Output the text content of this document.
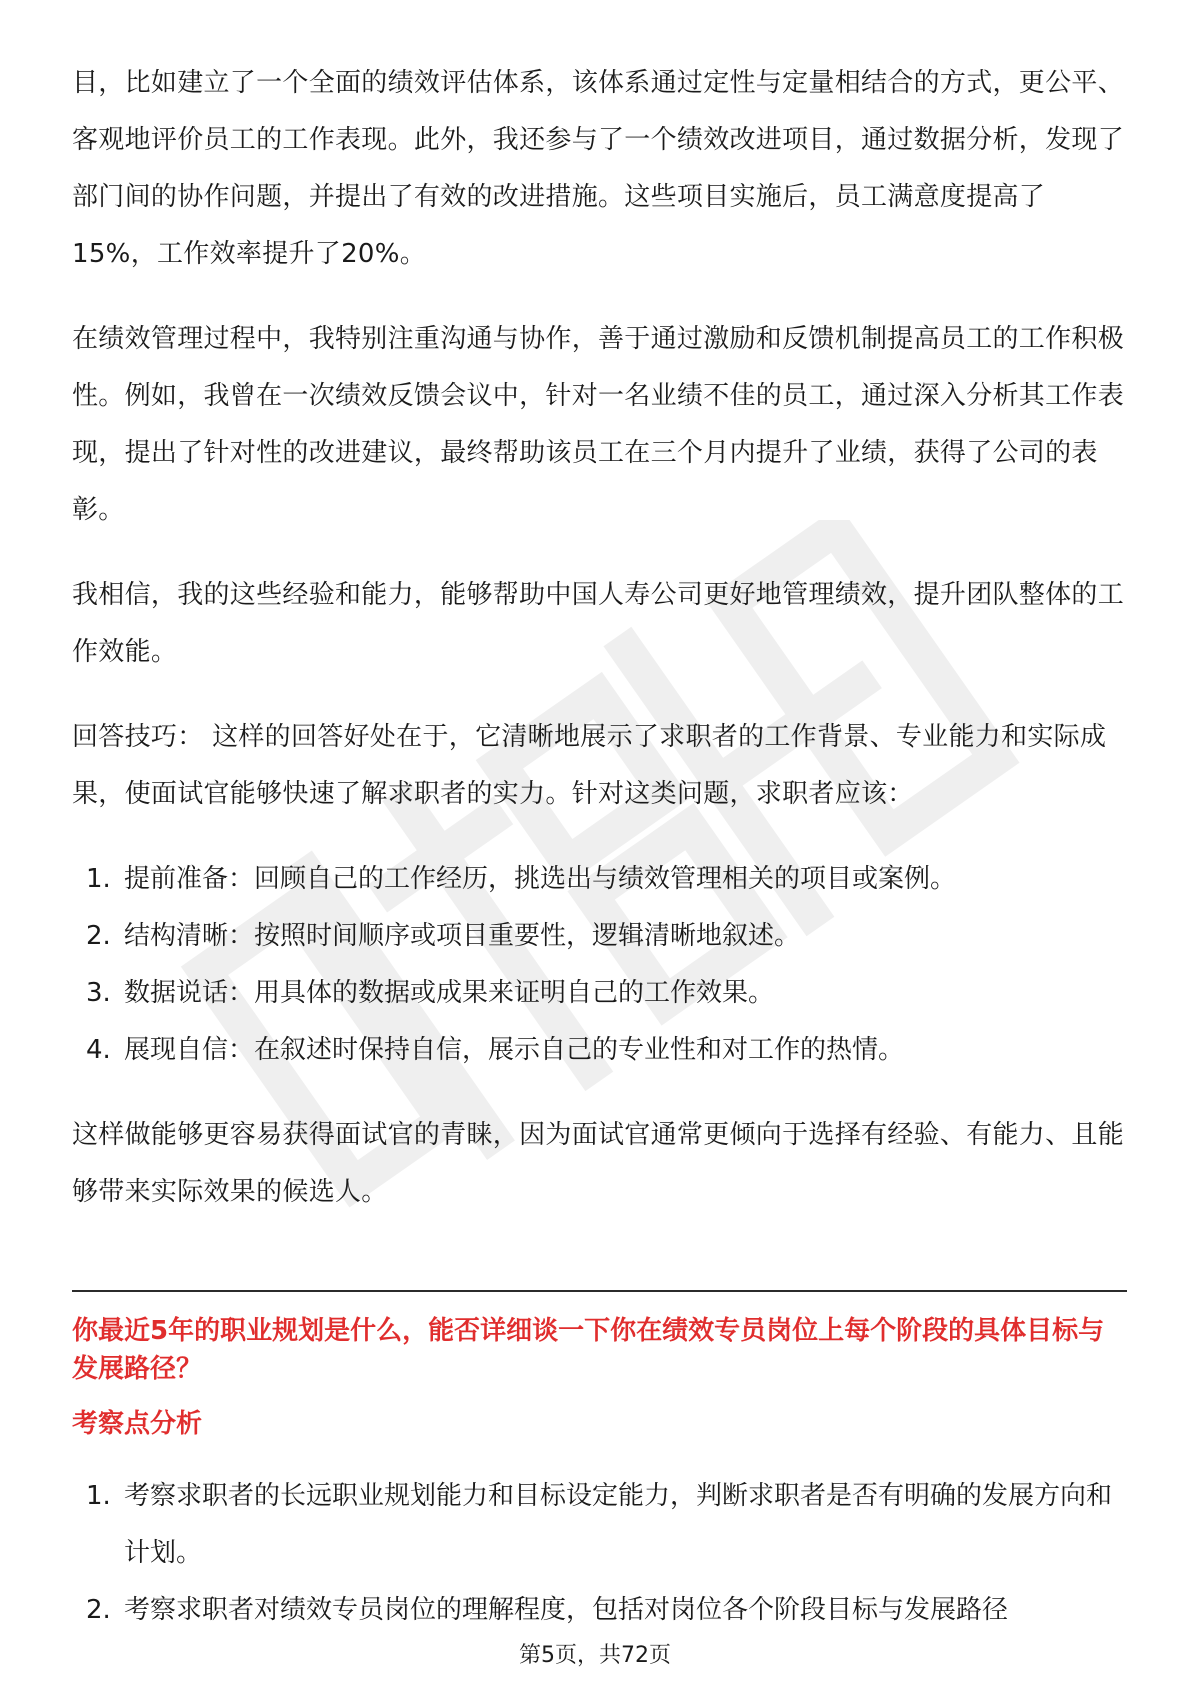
目，比如建立了一个全面的绩效评估体系，该体系通过定性与定量相结合的方式，更公平、客观地评价员工的工作表现。此外，我还参与了一个绩效改进项目，通过数据分析，发现了部门间的协作问题，并提出了有效的改进措施。这些项目实施后，员工满意度提高了15%，工作效率提升了20%。

在绩效管理过程中，我特别注重沟通与协作，善于通过激励和反馈机制提高员工的工作积极性。例如，我曾在一次绩效反馈会议中，针对一名业绩不佳的员工，通过深入分析其工作表现，提出了针对性的改进建议，最终帮助该员工在三个月内提升了业绩，获得了公司的表彰。

我相信，我的这些经验和能力，能够帮助中国人寿公司更好地管理绩效，提升团队整体的工作效能。

回答技巧： 这样的回答好处在于，它清晰地展示了求职者的工作背景、专业能力和实际成果，使面试官能够快速了解求职者的实力。针对这类问题，求职者应该：

1. 提前准备：回顾自己的工作经历，挑选出与绩效管理相关的项目或案例。
2. 结构清晰：按照时间顺序或项目重要性，逻辑清晰地叙述。
3. 数据说话：用具体的数据或成果来证明自己的工作效果。
4. 展现自信：在叙述时保持自信，展示自己的专业性和对工作的热情。

这样做能够更容易获得面试官的青睐，因为面试官通常更倾向于选择有经验、有能力、且能够带来实际效果的候选人。

你最近5年的职业规划是什么，能否详细谈一下你在绩效专员岗位上每个阶段的具体目标与发展路径？
考察点分析
1. 考察求职者的长远职业规划能力和目标设定能力，判断求职者是否有明确的发展方向和计划。
2. 考察求职者对绩效专员岗位的理解程度，包括对岗位各个阶段目标与发展路径
第5页，共72页
